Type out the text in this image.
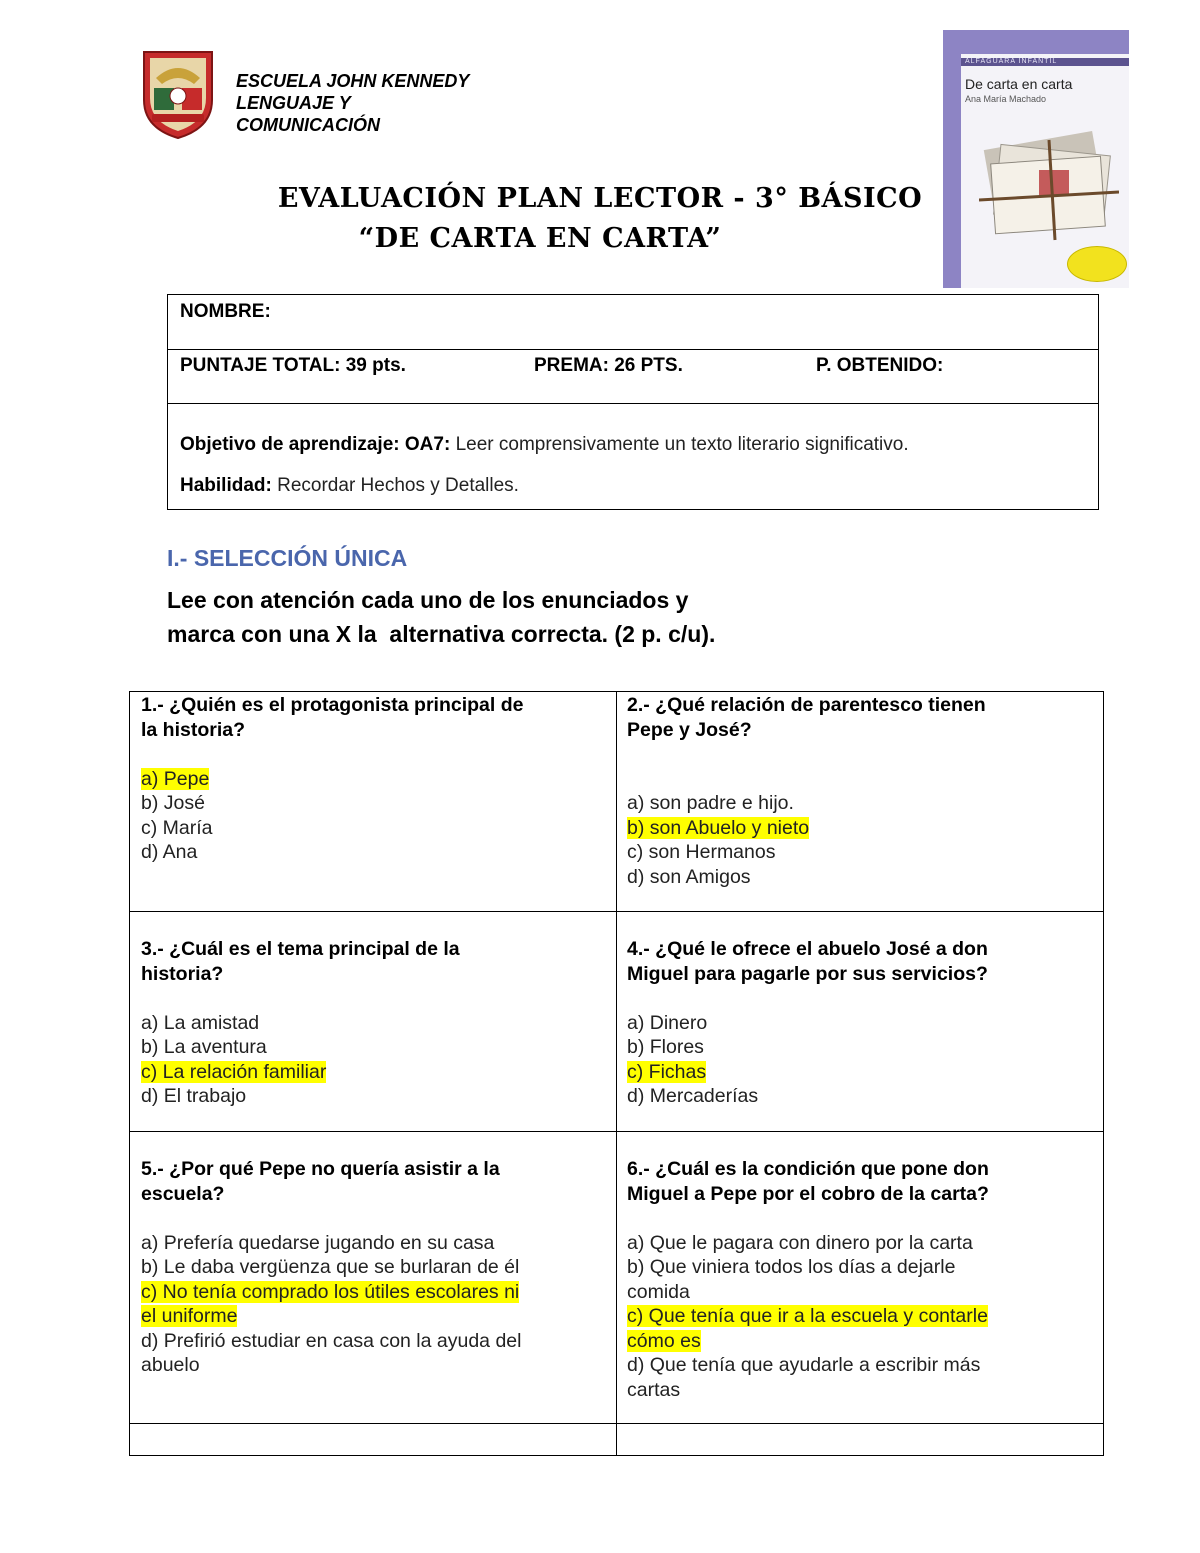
ESCUELA JOHN KENNEDY
LENGUAJE Y
COMUNICACIÓN
EVALUACIÓN PLAN LECTOR - 3° BÁSICO
“DE CARTA EN CARTA”
ALFAGUARA INFANTIL
De carta en carta
Ana María Machado
NOMBRE:
PUNTAJE TOTAL: 39 pts.	PREMA: 26 PTS.	P. OBTENIDO:
Objetivo de aprendizaje: OA7: Leer comprensivamente un texto literario significativo.
Habilidad: Recordar Hechos y Detalles.
I.- SELECCIÓN ÚNICA
Lee con atención cada uno de los enunciados y
marca con una X la  alternativa correcta. (2 p. c/u).
1.- ¿Quién es el protagonista principal de
la historia?
a) Pepe
b) José
c) María
d) Ana
2.- ¿Qué relación de parentesco tienen
Pepe y José?
a) son padre e hijo.
b) son Abuelo y nieto
c) son Hermanos
d) son Amigos
3.- ¿Cuál es el tema principal de la
historia?
a) La amistad
b) La aventura
c) La relación familiar
d) El trabajo
4.- ¿Qué le ofrece el abuelo José a don
Miguel para pagarle por sus servicios?
a) Dinero
b) Flores
c) Fichas
d) Mercaderías
5.- ¿Por qué Pepe no quería asistir a la
escuela?
a) Prefería quedarse jugando en su casa
b) Le daba vergüenza que se burlaran de él
c) No tenía comprado los útiles escolares ni
el uniforme
d) Prefirió estudiar en casa con la ayuda del
abuelo
6.- ¿Cuál es la condición que pone don
Miguel a Pepe por el cobro de la carta?
a) Que le pagara con dinero por la carta
b) Que viniera todos los días a dejarle
comida
c) Que tenía que ir a la escuela y contarle
cómo es
d) Que tenía que ayudarle a escribir más
cartas
